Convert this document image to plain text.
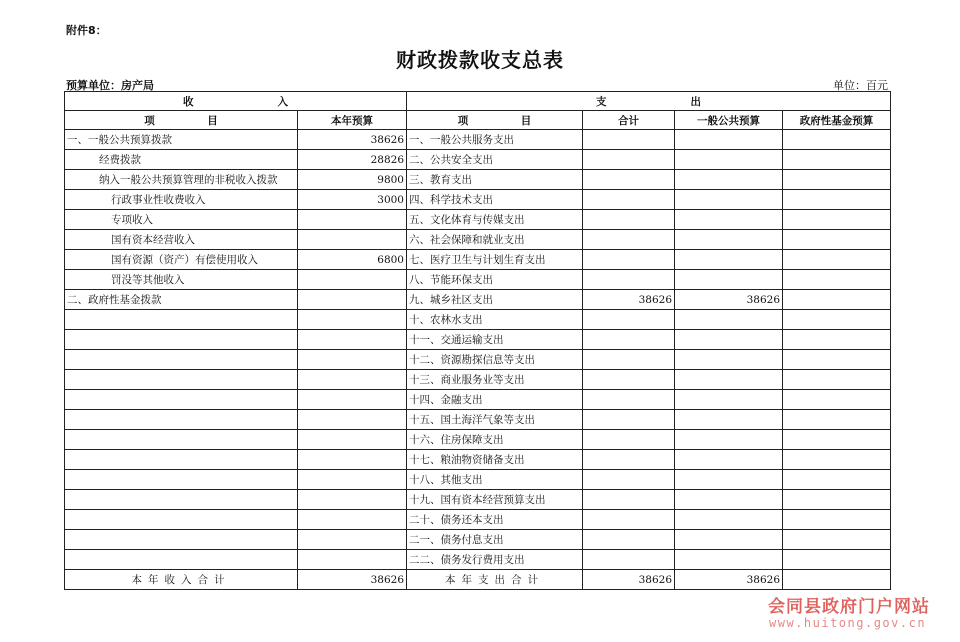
附件8：
财政拨款收支总表
预算单位：房产局	单位：百元
收　　　　　　　　入		支　　　　　　　　出			
项　　　　　目	本年预算	项　　　　　目	合计	一般公共预算	政府性基金预算
一、一般公共预算拨款	38626	一、一般公共服务支出			
经费拨款	28826	二、公共安全支出			
纳入一般公共预算管理的非税收入拨款	9800	三、教育支出			
行政事业性收费收入	3000	四、科学技术支出			
专项收入		五、文化体育与传媒支出			
国有资本经营收入		六、社会保障和就业支出			
国有资源（资产）有偿使用收入	6800	七、医疗卫生与计划生育支出			
罚没等其他收入		八、节能环保支出			
二、政府性基金拨款		九、城乡社区支出	38626	38626	
		十、农林水支出			
		十一、交通运输支出			
		十二、资源勘探信息等支出			
		十三、商业服务业等支出			
		十四、金融支出			
		十五、国土海洋气象等支出			
		十六、住房保障支出			
		十七、粮油物资储备支出			
		十八、其他支出			
		十九、国有资本经营预算支出			
		二十、债务还本支出			
		二一、债务付息支出			
		二二、债务发行费用支出			
本年收入合计	38626	本年支出合计	38626	38626	
会同县政府门户网站
www.huitong.gov.cn
